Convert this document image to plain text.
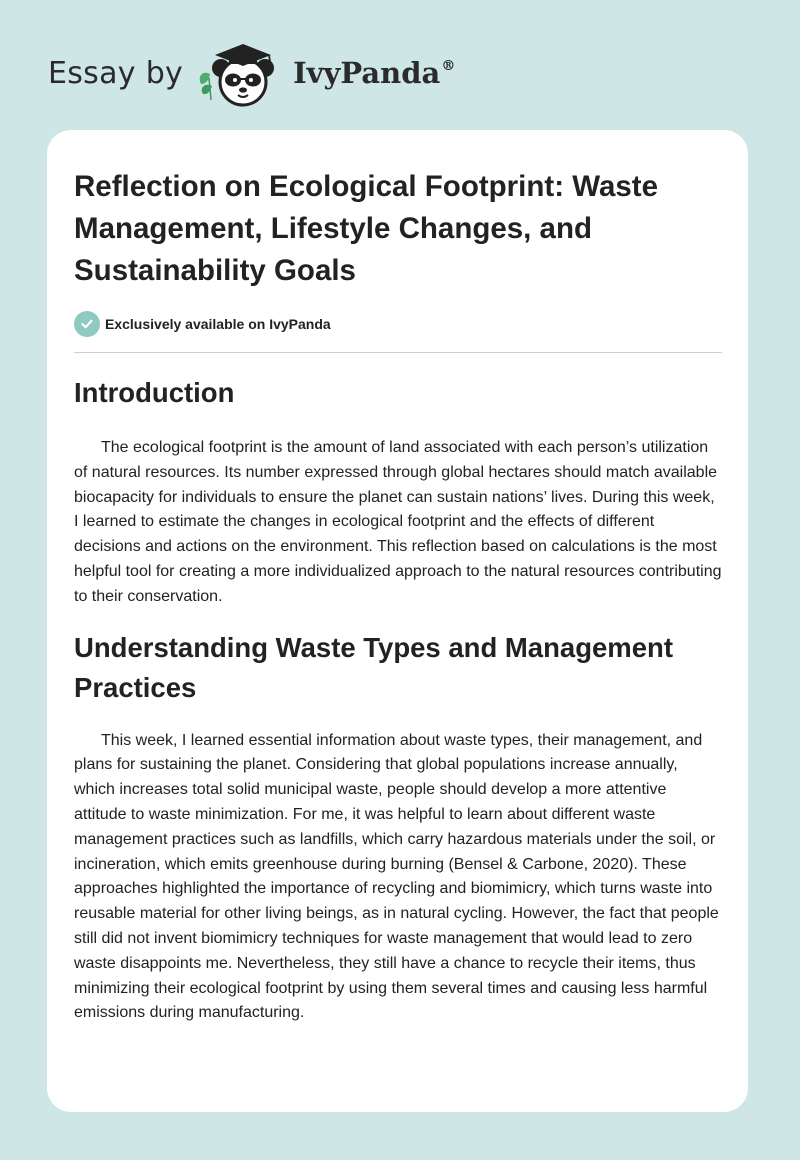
Essay by	IvyPanda®
Reflection on Ecological Footprint: Waste Management, Lifestyle Changes, and Sustainability Goals
Exclusively available on IvyPanda
Introduction

The ecological footprint is the amount of land associated with each person’s utilization of natural resources. Its number expressed through global hectares should match available biocapacity for individuals to ensure the planet can sustain nations’ lives. During this week, I learned to estimate the changes in ecological footprint and the effects of different decisions and actions on the environment. This reflection based on calculations is the most helpful tool for creating a more individualized approach to the natural resources contributing to their conservation.

Understanding Waste Types and Management Practices

This week, I learned essential information about waste types, their management, and plans for sustaining the planet. Considering that global populations increase annually, which increases total solid municipal waste, people should develop a more attentive attitude to waste minimization. For me, it was helpful to learn about different waste management practices such as landfills, which carry hazardous materials under the soil, or incineration, which emits greenhouse during burning (Bensel & Carbone, 2020). These approaches highlighted the importance of recycling and biomimicry, which turns waste into reusable material for other living beings, as in natural cycling. However, the fact that people still did not invent biomimicry techniques for waste management that would lead to zero waste disappoints me. Nevertheless, they still have a chance to recycle their items, thus minimizing their ecological footprint by using them several times and causing less harmful emissions during manufacturing.
